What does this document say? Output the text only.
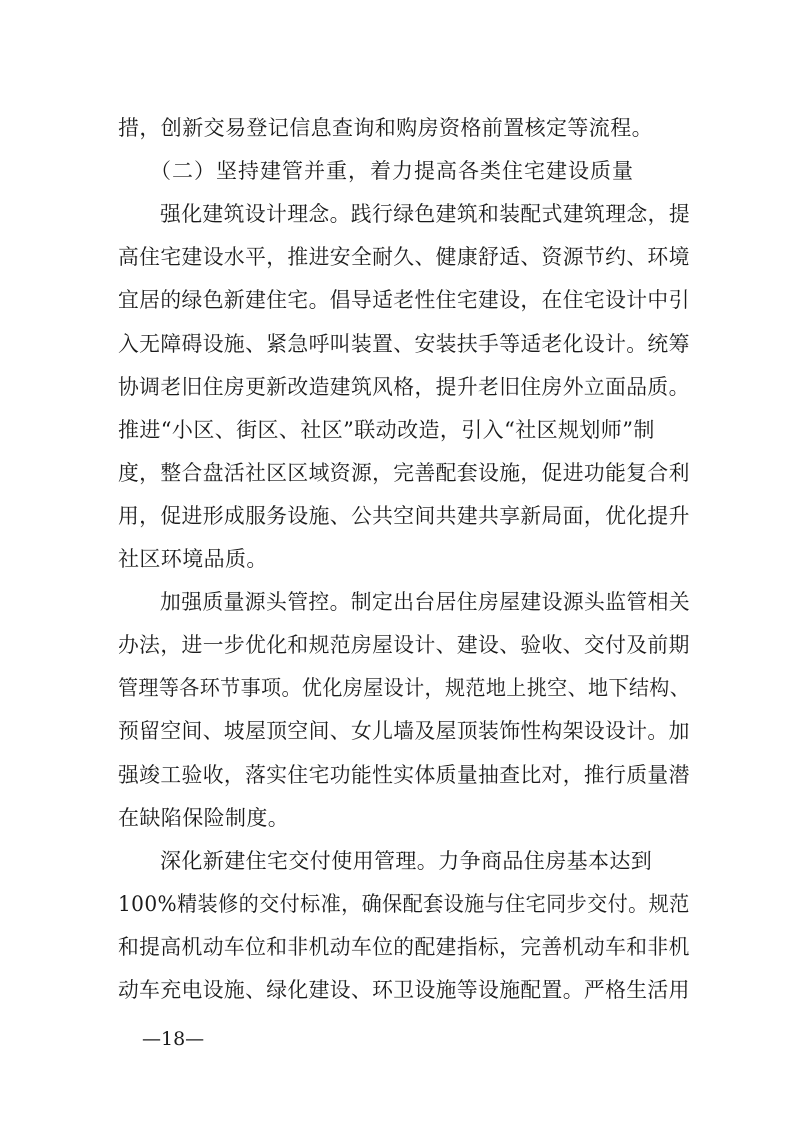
措，创新交易登记信息查询和购房资格前置核定等流程。
（二）坚持建管并重，着力提高各类住宅建设质量
强化建筑设计理念。践行绿色建筑和装配式建筑理念，提
高住宅建设水平，推进安全耐久、健康舒适、资源节约、环境
宜居的绿色新建住宅。倡导适老性住宅建设，在住宅设计中引
入无障碍设施、紧急呼叫装置、安装扶手等适老化设计。统筹
协调老旧住房更新改造建筑风格，提升老旧住房外立面品质。
推进“小区、街区、社区”联动改造，引入“社区规划师”制
度，整合盘活社区区域资源，完善配套设施，促进功能复合利
用，促进形成服务设施、公共空间共建共享新局面，优化提升
社区环境品质。
加强质量源头管控。制定出台居住房屋建设源头监管相关
办法，进一步优化和规范房屋设计、建设、验收、交付及前期
管理等各环节事项。优化房屋设计，规范地上挑空、地下结构、
预留空间、坡屋顶空间、女儿墙及屋顶装饰性构架设设计。加
强竣工验收，落实住宅功能性实体质量抽查比对，推行质量潜
在缺陷保险制度。
深化新建住宅交付使用管理。力争商品住房基本达到
100%精装修的交付标准，确保配套设施与住宅同步交付。规范
和提高机动车位和非机动车位的配建指标，完善机动车和非机
动车充电设施、绿化建设、环卫设施等设施配置。严格生活用
—18—
